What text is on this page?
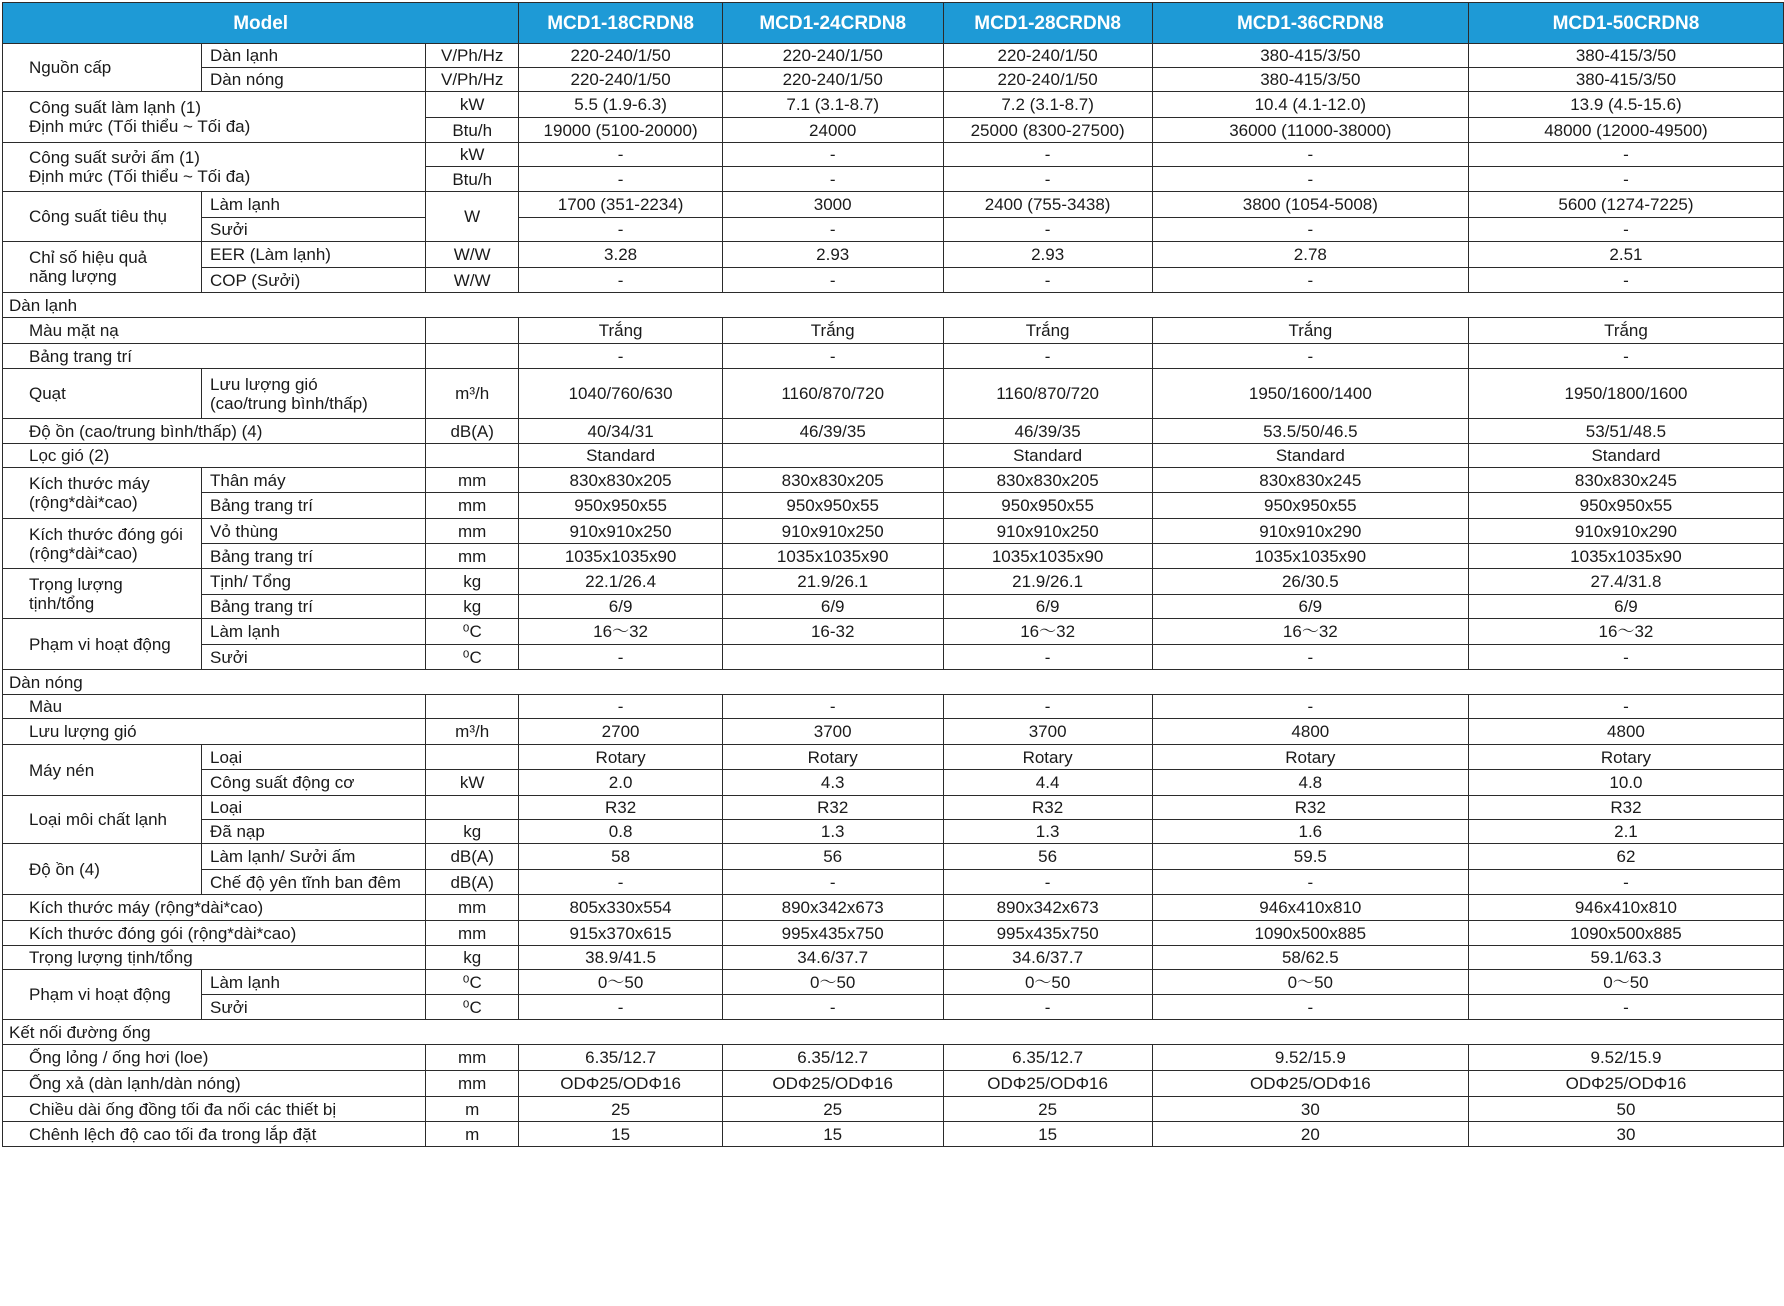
Model			MCD1-18CRDN8	MCD1-24CRDN8	MCD1-28CRDN8	MCD1-36CRDN8	MCD1-50CRDN8
Nguồn cấp	Dàn lạnh	V/Ph/Hz	220-240/1/50	220-240/1/50	220-240/1/50	380-415/3/50	380-415/3/50
	Dàn nóng	V/Ph/Hz	220-240/1/50	220-240/1/50	220-240/1/50	380-415/3/50	380-415/3/50
Công suất làm lạnh (1)
Định mức (Tối thiểu ~ Tối đa)		kW	5.5 (1.9-6.3)	7.1 (3.1-8.7)	7.2 (3.1-8.7)	10.4 (4.1-12.0)	13.9 (4.5-15.6)
		Btu/h	19000 (5100-20000)	24000	25000 (8300-27500)	36000 (11000-38000)	48000 (12000-49500)
Công suất sưởi ấm (1)
Định mức (Tối thiểu ~ Tối đa)		kW	-	-	-	-	-
		Btu/h	-	-	-	-	-
Công suất tiêu thụ	Làm lạnh	W	1700 (351-2234)	3000	2400 (755-3438)	3800 (1054-5008)	5600 (1274-7225)
	Sưởi		-	-	-	-	-
Chỉ số hiệu quả
năng lượng	EER (Làm lạnh)	W/W	3.28	2.93	2.93	2.78	2.51
	COP (Sưởi)	W/W	-	-	-	-	-
Dàn lạnh							
Màu mặt nạ			Trắng	Trắng	Trắng	Trắng	Trắng
Bảng trang trí			-	-	-	-	-
Quạt	Lưu lượng gió
(cao/trung bình/thấp)	m³/h	1040/760/630	1160/870/720	1160/870/720	1950/1600/1400	1950/1800/1600
Độ ồn (cao/trung bình/thấp) (4)		dB(A)	40/34/31	46/39/35	46/39/35	53.5/50/46.5	53/51/48.5
Lọc gió (2)			Standard		Standard	Standard	Standard
Kích thước máy
(rộng*dài*cao)	Thân máy	mm	830x830x205	830x830x205	830x830x205	830x830x245	830x830x245
	Bảng trang trí	mm	950x950x55	950x950x55	950x950x55	950x950x55	950x950x55
Kích thước đóng gói
(rộng*dài*cao)	Vỏ thùng	mm	910x910x250	910x910x250	910x910x250	910x910x290	910x910x290
	Bảng trang trí	mm	1035x1035x90	1035x1035x90	1035x1035x90	1035x1035x90	1035x1035x90
Trọng lượng
tịnh/tổng	Tịnh/ Tổng	kg	22.1/26.4	21.9/26.1	21.9/26.1	26/30.5	27.4/31.8
	Bảng trang trí	kg	6/9	6/9	6/9	6/9	6/9
Phạm vi hoạt động	Làm lạnh	⁰C	16～32	16-32	16～32	16～32	16～32
	Sưởi	⁰C	-		-	-	-
Dàn nóng							
Màu			-	-	-	-	-
Lưu lượng gió		m³/h	2700	3700	3700	4800	4800
Máy nén	Loại		Rotary	Rotary	Rotary	Rotary	Rotary
	Công suất động cơ	kW	2.0	4.3	4.4	4.8	10.0
Loại môi chất lạnh	Loại		R32	R32	R32	R32	R32
	Đã nạp	kg	0.8	1.3	1.3	1.6	2.1
Độ ồn (4)	Làm lạnh/ Sưởi ấm	dB(A)	58	56	56	59.5	62
	Chế độ yên tĩnh ban đêm	dB(A)	-	-	-	-	-
Kích thước máy (rộng*dài*cao)		mm	805x330x554	890x342x673	890x342x673	946x410x810	946x410x810
Kích thước đóng gói (rộng*dài*cao)		mm	915x370x615	995x435x750	995x435x750	1090x500x885	1090x500x885
Trọng lượng tịnh/tổng		kg	38.9/41.5	34.6/37.7	34.6/37.7	58/62.5	59.1/63.3
Phạm vi hoạt động	Làm lạnh	⁰C	0～50	0～50	0～50	0～50	0～50
	Sưởi	⁰C	-	-	-	-	-
Kết nối đường ống							
Ống lỏng / ống hơi (loe)		mm	6.35/12.7	6.35/12.7	6.35/12.7	9.52/15.9	9.52/15.9
Ống xả (dàn lạnh/dàn nóng)		mm	ODΦ25/ODΦ16	ODΦ25/ODΦ16	ODΦ25/ODΦ16	ODΦ25/ODΦ16	ODΦ25/ODΦ16
Chiều dài ống đồng tối đa nối các thiết bị		m	25	25	25	30	50
Chênh lệch độ cao tối đa trong lắp đặt		m	15	15	15	20	30
